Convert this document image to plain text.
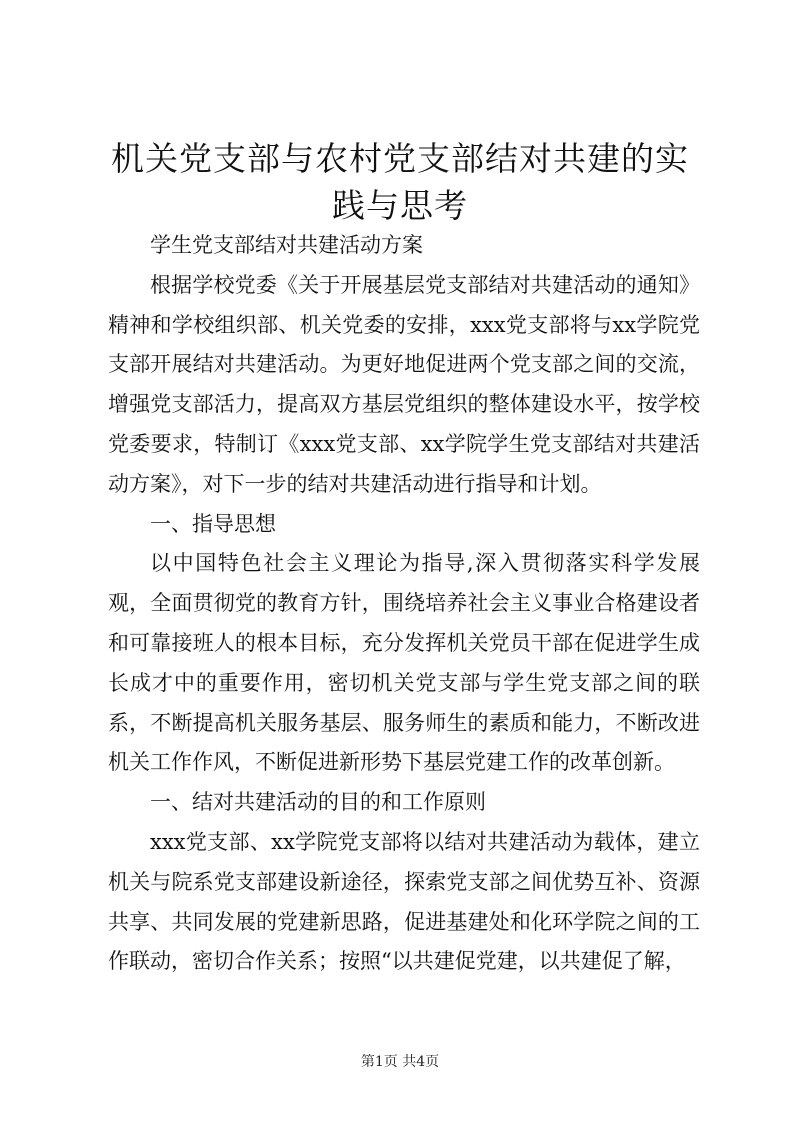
机关党支部与农村党支部结对共建的实践与思考

学生党支部结对共建活动方案

根据学校党委《关于开展基层党支部结对共建活动的通知》精神和学校组织部、机关党委的安排，xxx党支部将与xx学院党支部开展结对共建活动。为更好地促进两个党支部之间的交流，增强党支部活力，提高双方基层党组织的整体建设水平，按学校党委要求，特制订《xxx党支部、xx学院学生党支部结对共建活动方案》，对下一步的结对共建活动进行指导和计划。

一、指导思想

以中国特色社会主义理论为指导,深入贯彻落实科学发展观，全面贯彻党的教育方针，围绕培养社会主义事业合格建设者和可靠接班人的根本目标，充分发挥机关党员干部在促进学生成长成才中的重要作用，密切机关党支部与学生党支部之间的联系，不断提高机关服务基层、服务师生的素质和能力，不断改进机关工作作风，不断促进新形势下基层党建工作的改革创新。

一、结对共建活动的目的和工作原则

xxx党支部、xx学院党支部将以结对共建活动为载体，建立机关与院系党支部建设新途径，探索党支部之间优势互补、资源共享、共同发展的党建新思路，促进基建处和化环学院之间的工作联动，密切合作关系；按照“以共建促党建，以共建促了解，

第1页 共4页
